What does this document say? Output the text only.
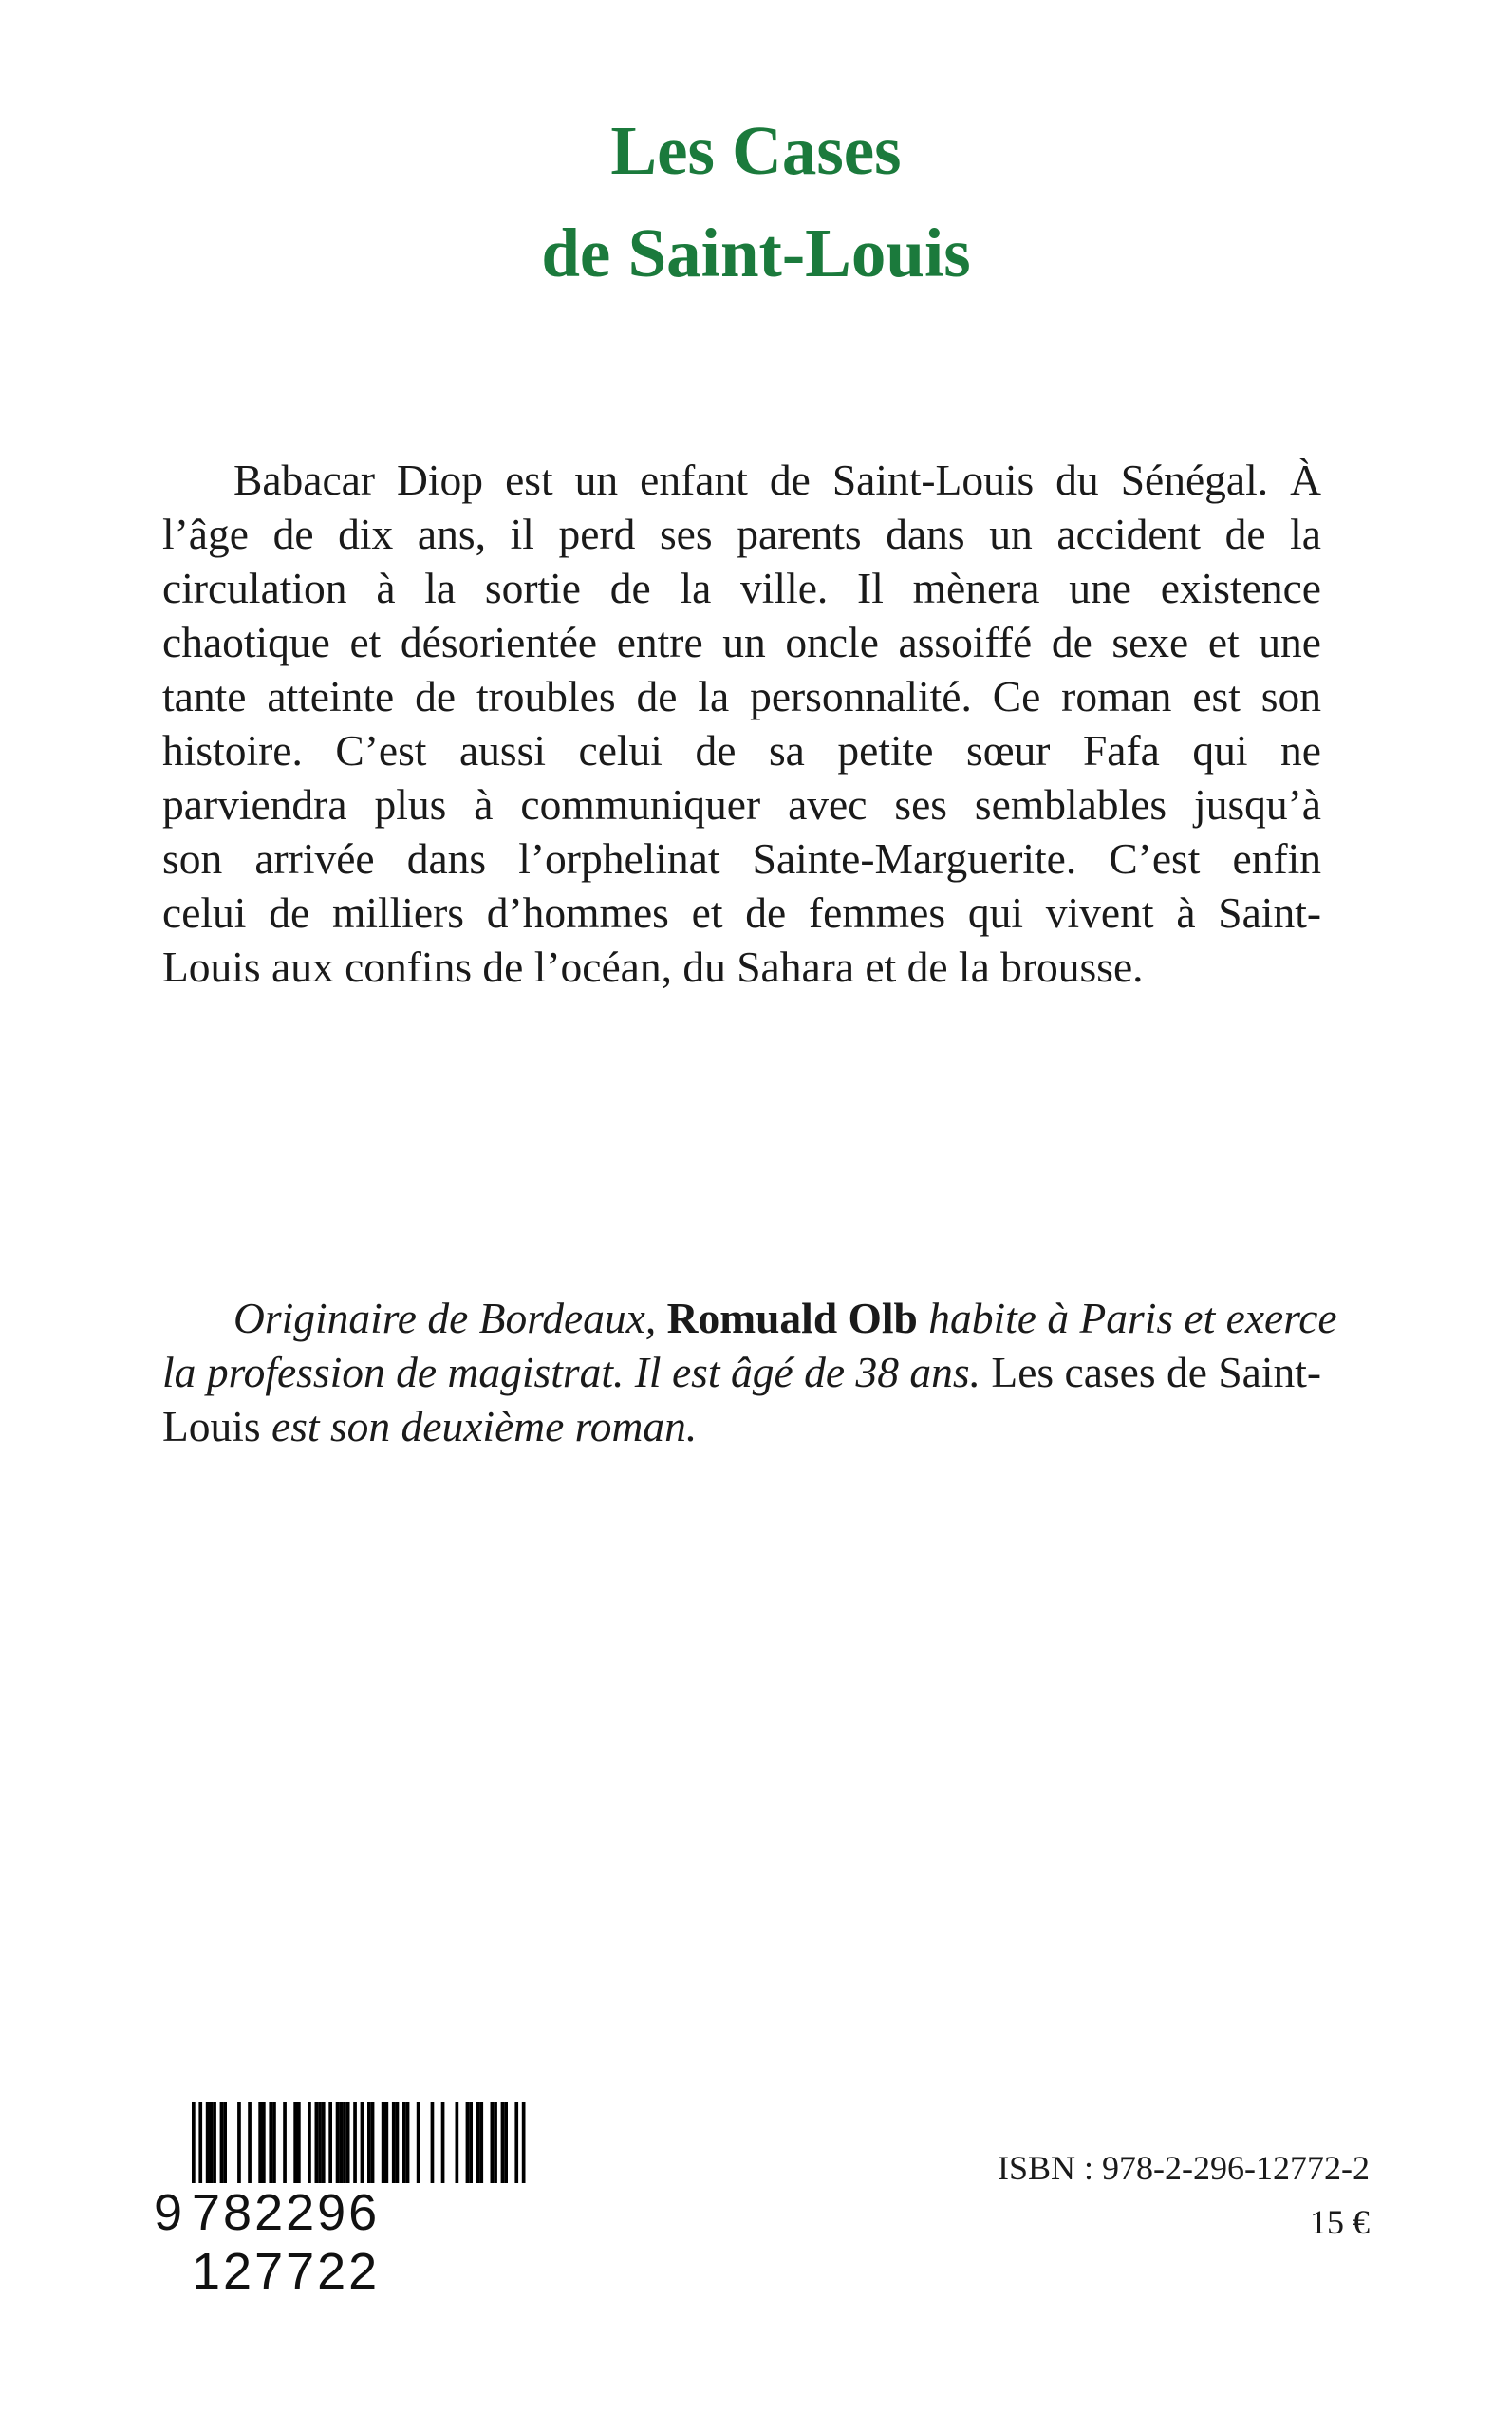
Les Cases
de Saint-Louis
Babacar Diop est un enfant de Saint-Louis du Sénégal. À
l’âge de dix ans, il perd ses parents dans un accident de la
circulation à la sortie de la ville. Il mènera une existence
chaotique et désorientée entre un oncle assoiffé de sexe et une
tante atteinte de troubles de la personnalité. Ce roman est son
histoire. C’est aussi celui de sa petite sœur Fafa qui ne
parviendra plus à communiquer avec ses semblables jusqu’à
son arrivée dans l’orphelinat Sainte-Marguerite. C’est enfin
celui de milliers d’hommes et de femmes qui vivent à Saint-
Louis aux confins de l’océan, du Sahara et de la brousse.
Originaire de Bordeaux, Romuald Olb habite à Paris et exerce
la profession de magistrat. Il est âgé de 38 ans. Les cases de Saint-
Louis est son deuxième roman.
9 782296 127722
ISBN : 978-2-296-12772-2
15 €
